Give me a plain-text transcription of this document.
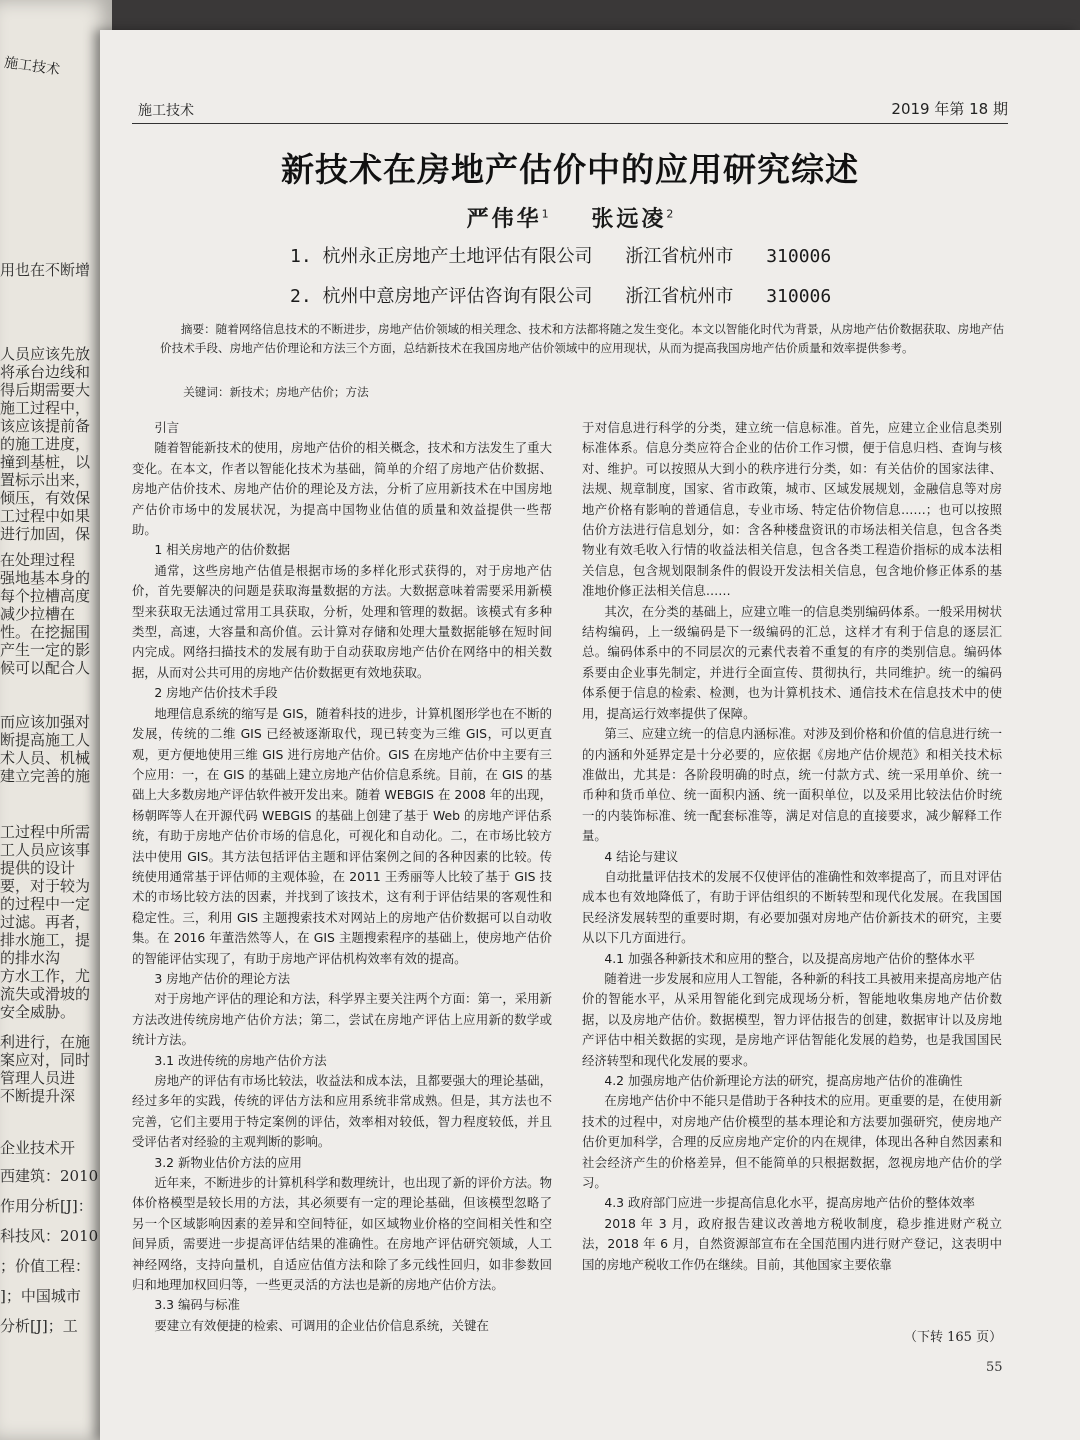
施工技术
用也在不断增
人员应该先放
将承台边线和
得后期需要大
施工过程中，
该应该提前备
的施工进度，
撞到基桩，以
置标示出来，
倾压，有效保
工过程中如果
进行加固，保
在处理过程
强地基本身的
每个拉槽高度
减少拉槽在
性。在挖掘围
产生一定的影
候可以配合人
而应该加强对
断提高施工人
术人员、机械
建立完善的施
工过程中所需
工人员应该事
提供的设计
要，对于较为
的过程中一定
过滤。再者，
排水施工，提
的排水沟
方水工作，尤
流失或滑坡的
安全威胁。
利进行，在施
案应对，同时
管理人员进
不断提升深
企业技术开
西建筑：2010
作用分析[J]：
科技风：2010
；价值工程：
]；中国城市
分析[J]；工
施工技术	2019 年第 18 期
新技术在房地产估价中的应用研究综述
严伟华$^1$ 张远凌$^2$
1. 杭州永正房地产土地评估有限公司 浙江省杭州市 310006
2. 杭州中意房地产评估咨询有限公司 浙江省杭州市 310006

摘要：随着网络信息技术的不断进步，房地产估价领域的相关理念、技术和方法都将随之发生变化。本文以智能化时代为背景，从房地产估价数据获取、房地产估价技术手段、房地产估价理论和方法三个方面，总结新技术在我国房地产估价领域中的应用现状，从而为提高我国房地产估价质量和效率提供参考。

关键词：新技术；房地产估价；方法
引言
随着智能新技术的使用，房地产估价的相关概念，技术和方法发生了重大变化。在本文，作者以智能化技术为基础，简单的介绍了房地产估价数据、房地产估价技术、房地产估价的理论及方法，分析了应用新技术在中国房地产估价市场中的发展状况，为提高中国物业估值的质量和效益提供一些帮助。
1 相关房地产的估价数据
通常，这些房地产估值是根据市场的多样化形式获得的，对于房地产估价，首先要解决的问题是获取海量数据的方法。大数据意味着需要采用新模型来获取无法通过常用工具获取，分析，处理和管理的数据。该模式有多种类型，高速，大容量和高价值。云计算对存储和处理大量数据能够在短时间内完成。网络扫描技术的发展有助于自动获取房地产估价在网络中的相关数据，从而对公共可用的房地产估价数据更有效地获取。
2 房地产估价技术手段
地理信息系统的缩写是 GIS，随着科技的进步，计算机图形学也在不断的发展，传统的二维 GIS 已经被逐渐取代，现已转变为三维 GIS，可以更直观，更方便地使用三维 GIS 进行房地产估价。GIS 在房地产估价中主要有三个应用：一，在 GIS 的基础上建立房地产估价信息系统。目前，在 GIS 的基础上大多数房地产评估软件被开发出来。随着 WEBGIS 在 2008 年的出现，杨朝晖等人在开源代码 WEBGIS 的基础上创建了基于 Web 的房地产评估系统，有助于房地产估价市场的信息化，可视化和自动化。二，在市场比较方法中使用 GIS。其方法包括评估主题和评估案例之间的各种因素的比较。传统使用通常基于评估师的主观体验，在 2011 王秀丽等人比较了基于 GIS 技术的市场比较方法的因素，并找到了该技术，这有利于评估结果的客观性和稳定性。三，利用 GIS 主题搜索技术对网站上的房地产估价数据可以自动收集。在 2016 年董浩然等人，在 GIS 主题搜索程序的基础上，使房地产估价的智能评估实现了，有助于房地产评估机构效率有效的提高。
3 房地产估价的理论方法
对于房地产评估的理论和方法，科学界主要关注两个方面：第一，采用新方法改进传统房地产估价方法；第二，尝试在房地产评估上应用新的数学或统计方法。
3.1 改进传统的房地产估价方法
房地产的评估有市场比较法，收益法和成本法，且都要强大的理论基础，经过多年的实践，传统的评估方法和应用系统非常成熟。但是，其方法也不完善，它们主要用于特定案例的评估，效率相对较低，智力程度较低，并且受评估者对经验的主观判断的影响。
3.2 新物业估价方法的应用
近年来，不断进步的计算机科学和数理统计，也出现了新的评价方法。物体价格模型是较长用的方法，其必须要有一定的理论基础，但该模型忽略了另一个区域影响因素的差异和空间特征，如区域物业价格的空间相关性和空间异质，需要进一步提高评估结果的准确性。在房地产评估研究领域，人工神经网络，支持向量机，自适应估值方法和除了多元线性回归，如非参数回归和地理加权回归等，一些更灵活的方法也是新的房地产估价方法。
3.3 编码与标准
要建立有效便捷的检索、可调用的企业估价信息系统，关键在
于对信息进行科学的分类，建立统一信息标准。首先，应建立企业信息类别标准体系。信息分类应符合企业的估价工作习惯，便于信息归档、查询与核对、维护。可以按照从大到小的秩序进行分类，如：有关估价的国家法律、法规、规章制度，国家、省市政策，城市、区域发展规划，金融信息等对房地产价格有影响的普通信息，专业市场、特定估价物信息……；也可以按照估价方法进行信息划分，如：含各种楼盘资讯的市场法相关信息，包含各类物业有效毛收入行情的收益法相关信息，包含各类工程造价指标的成本法相关信息，包含规划限制条件的假设开发法相关信息，包含地价修正体系的基准地价修正法相关信息……
其次，在分类的基础上，应建立唯一的信息类别编码体系。一般采用树状结构编码，上一级编码是下一级编码的汇总，这样才有利于信息的逐层汇总。编码体系中的不同层次的元素代表着不重复的有序的类别信息。编码体系要由企业事先制定，并进行全面宣传、贯彻执行，共同维护。统一的编码体系便于信息的检索、检测，也为计算机技术、通信技术在信息技术中的使用，提高运行效率提供了保障。
第三、应建立统一的信息内涵标准。对涉及到价格和价值的信息进行统一的内涵和外延界定是十分必要的，应依据《房地产估价规范》和相关技术标准做出，尤其是：各阶段明确的时点，统一付款方式、统一采用单价、统一币种和货币单位、统一面积内涵、统一面积单位，以及采用比较法估价时统一的内装饰标准、统一配套标准等，满足对信息的直接要求，减少解释工作量。
4 结论与建议
自动批量评估技术的发展不仅使评估的准确性和效率提高了，而且对评估成本也有效地降低了，有助于评估组织的不断转型和现代化发展。在我国国民经济发展转型的重要时期，有必要加强对房地产估价新技术的研究，主要从以下几方面进行。
4.1 加强各种新技术和应用的整合，以及提高房地产估价的整体水平
随着进一步发展和应用人工智能，各种新的科技工具被用来提高房地产估价的智能水平，从采用智能化到完成现场分析，智能地收集房地产估价数据，以及房地产估价。数据模型，智力评估报告的创建，数据审计以及房地产评估中相关数据的实现，是房地产评估智能化发展的趋势，也是我国国民经济转型和现代化发展的要求。
4.2 加强房地产估价新理论方法的研究，提高房地产估价的准确性
在房地产估价中不能只是借助于各种技术的应用。更重要的是，在使用新技术的过程中，对房地产估价模型的基本理论和方法要加强研究，使房地产估价更加科学，合理的反应房地产定价的内在规律，体现出各种自然因素和社会经济产生的价格差异，但不能简单的只根据数据，忽视房地产估价的学习。
4.3 政府部门应进一步提高信息化水平，提高房地产估价的整体效率
2018 年 3 月，政府报告建议改善地方税收制度，稳步推进财产税立法，2018 年 6 月，自然资源部宣布在全国范围内进行财产登记，这表明中国的房地产税收工作仍在继续。目前，其他国家主要依靠
（下转 165 页）
55
